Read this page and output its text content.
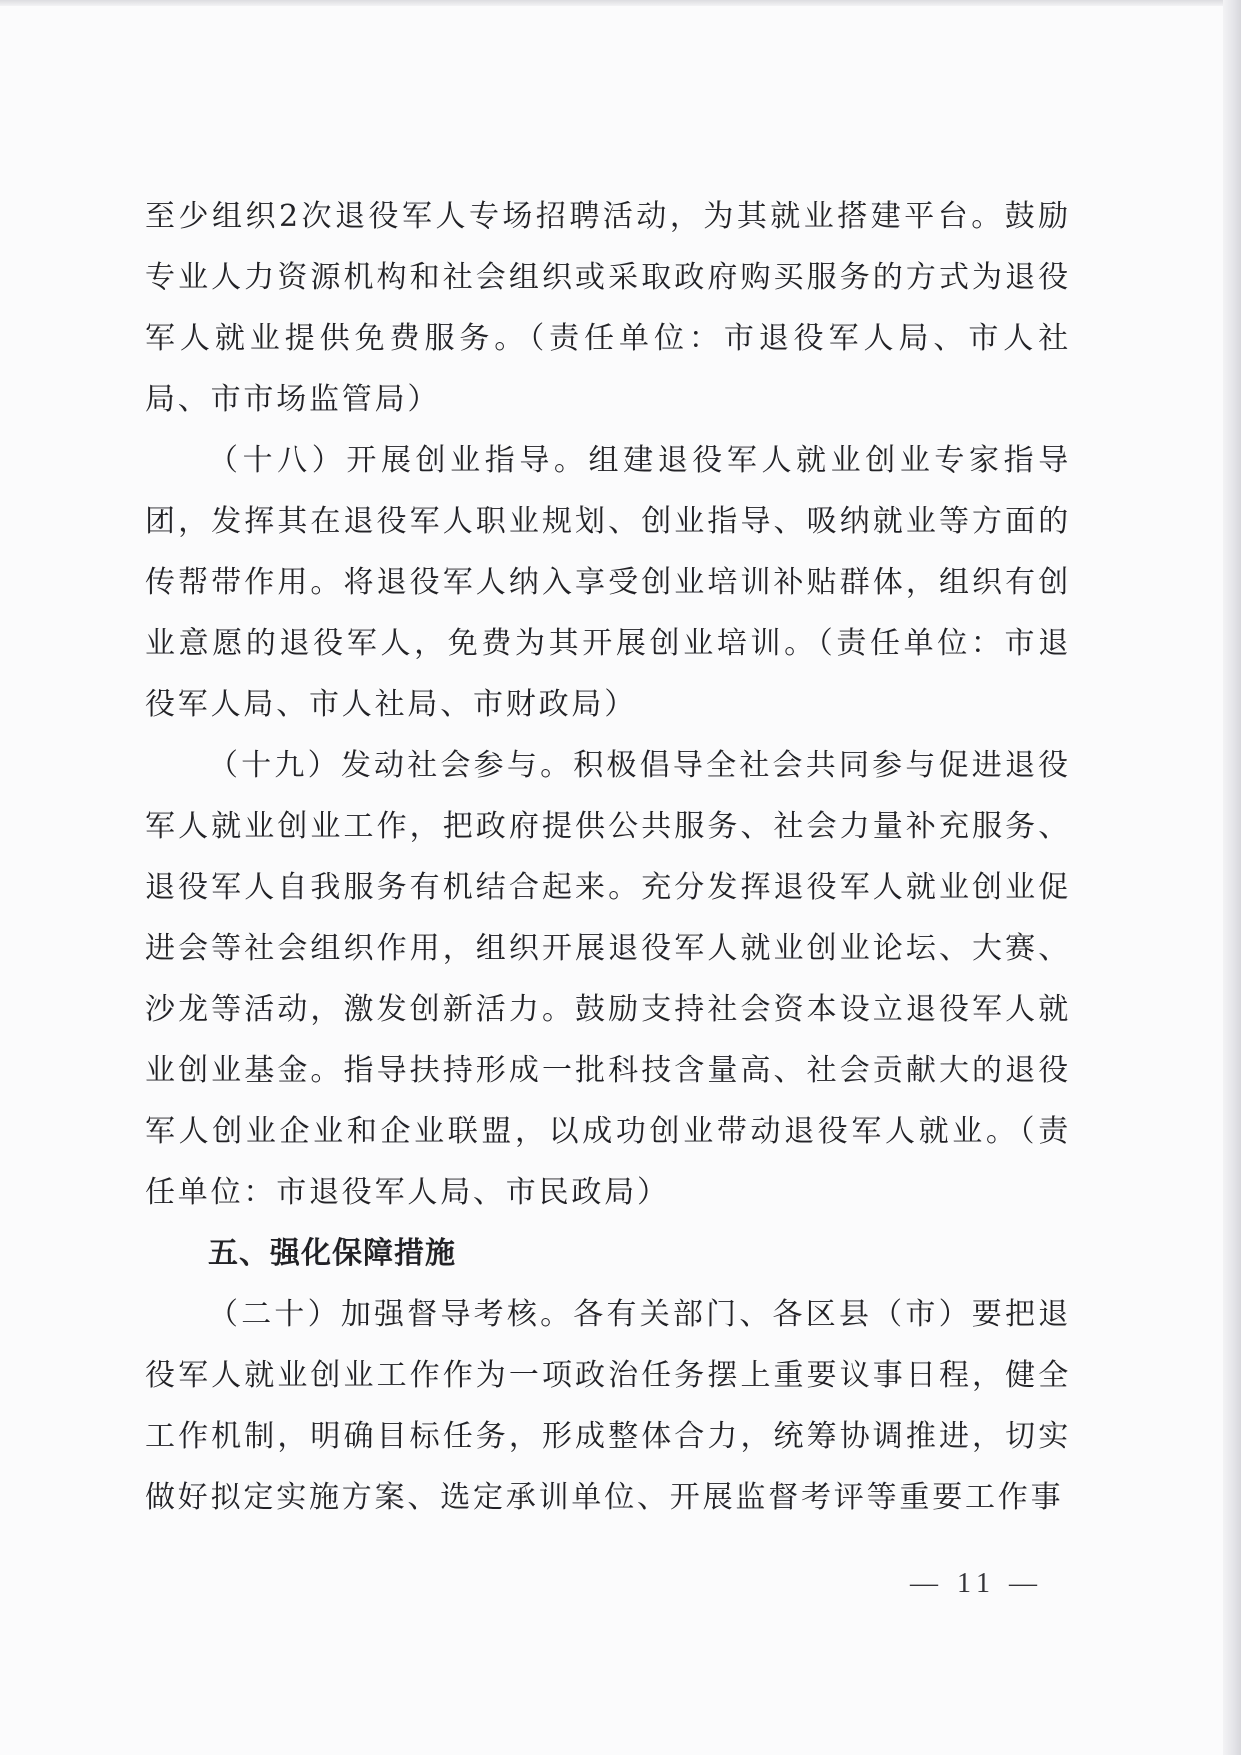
至少组织2次退役军人专场招聘活动，为其就业搭建平台。鼓励专业人力资源机构和社会组织或采取政府购买服务的方式为退役军人就业提供免费服务。（责任单位：市退役军人局、市人社局、市市场监管局）

（十八）开展创业指导。组建退役军人就业创业专家指导团，发挥其在退役军人职业规划、创业指导、吸纳就业等方面的传帮带作用。将退役军人纳入享受创业培训补贴群体，组织有创业意愿的退役军人，免费为其开展创业培训。（责任单位：市退役军人局、市人社局、市财政局）

（十九）发动社会参与。积极倡导全社会共同参与促进退役军人就业创业工作，把政府提供公共服务、社会力量补充服务、退役军人自我服务有机结合起来。充分发挥退役军人就业创业促进会等社会组织作用，组织开展退役军人就业创业论坛、大赛、沙龙等活动，激发创新活力。鼓励支持社会资本设立退役军人就业创业基金。指导扶持形成一批科技含量高、社会贡献大的退役军人创业企业和企业联盟，以成功创业带动退役军人就业。（责任单位：市退役军人局、市民政局）

五、强化保障措施

（二十）加强督导考核。各有关部门、各区县（市）要把退役军人就业创业工作作为一项政治任务摆上重要议事日程，健全工作机制，明确目标任务，形成整体合力，统筹协调推进，切实做好拟定实施方案、选定承训单位、开展监督考评等重要工作事

— 11 —
